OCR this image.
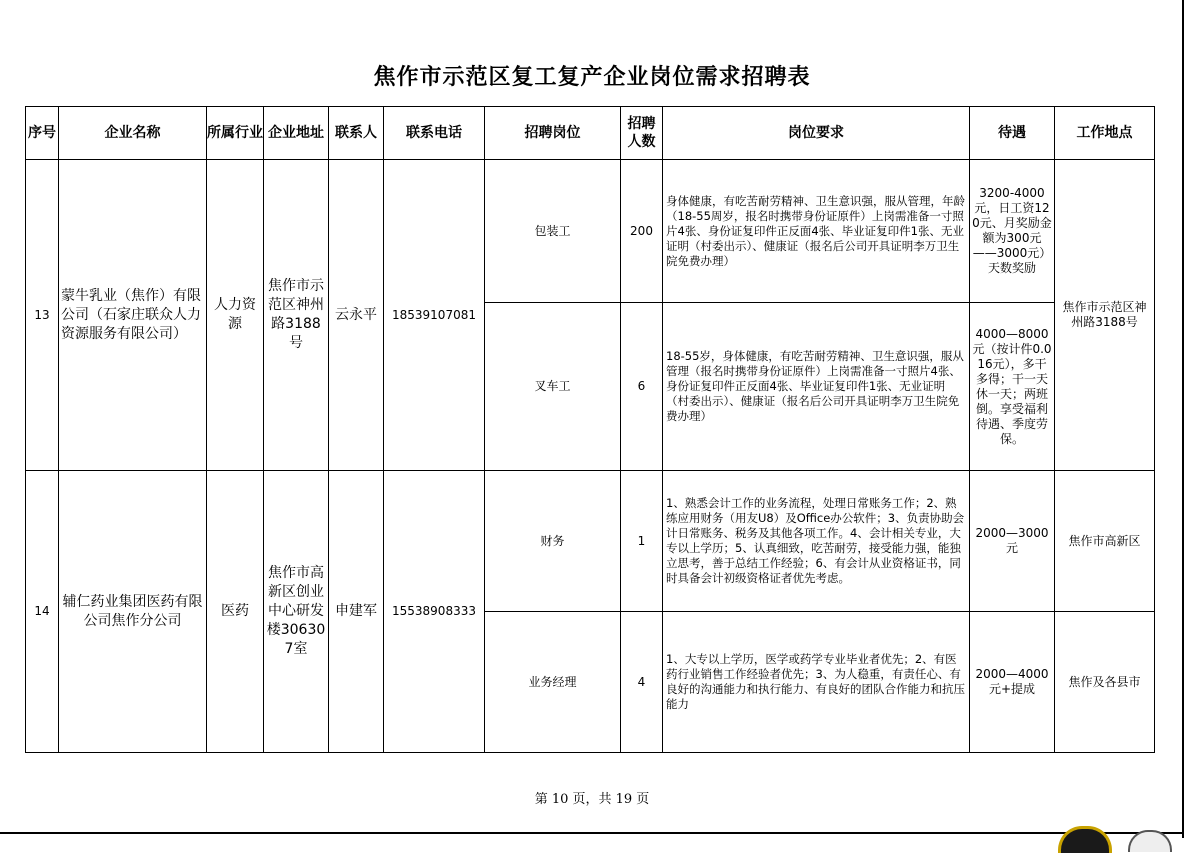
焦作市示范区复工复产企业岗位需求招聘表
序号	企业名称	所属行业	企业地址	联系人	联系电话	招聘岗位	招聘人数	岗位要求	待遇	工作地点
13	蒙牛乳业（焦作）有限公司（石家庄联众人力资源服务有限公司）	人力资源	焦作市示范区神州路3188号	云永平	18539107081	包装工	200	身体健康，有吃苦耐劳精神、卫生意识强，服从管理，年龄（18-55周岁，报名时携带身份证原件）上岗需准备一寸照片4张、身份证复印件正反面4张、毕业证复印件1张、无业证明（村委出示）、健康证（报名后公司开具证明李万卫生院免费办理）	3200-4000元，日工资120元、月奖励金额为300元——3000元）天数奖励	焦作市示范区神州路3188号
						叉车工	6	18-55岁，身体健康，有吃苦耐劳精神、卫生意识强，服从管理（报名时携带身份证原件）上岗需准备一寸照片4张、身份证复印件正反面4张、毕业证复印件1张、无业证明（村委出示）、健康证（报名后公司开具证明李万卫生院免费办理）	4000—8000元（按计件0.016元），多干多得；干一天休一天；两班倒。享受福利待遇、季度劳保。	
14	辅仁药业集团医药有限公司焦作分公司	医药	焦作市高新区创业中心研发楼306307室	申建军	15538908333	财务	1	1、熟悉会计工作的业务流程，处理日常账务工作；2、熟练应用财务（用友U8）及Office办公软件；3、负责协助会计日常账务、税务及其他各项工作。4、会计相关专业，大专以上学历；5、认真细致，吃苦耐劳，接受能力强，能独立思考，善于总结工作经验；6、有会计从业资格证书，同时具备会计初级资格证者优先考虑。	2000—3000元	焦作市高新区
						业务经理	4	1、大专以上学历，医学或药学专业毕业者优先；2、有医药行业销售工作经验者优先；3、为人稳重，有责任心、有良好的沟通能力和执行能力、有良好的团队合作能力和抗压能力	2000—4000元+提成	焦作及各县市
第 10 页，共 19 页
